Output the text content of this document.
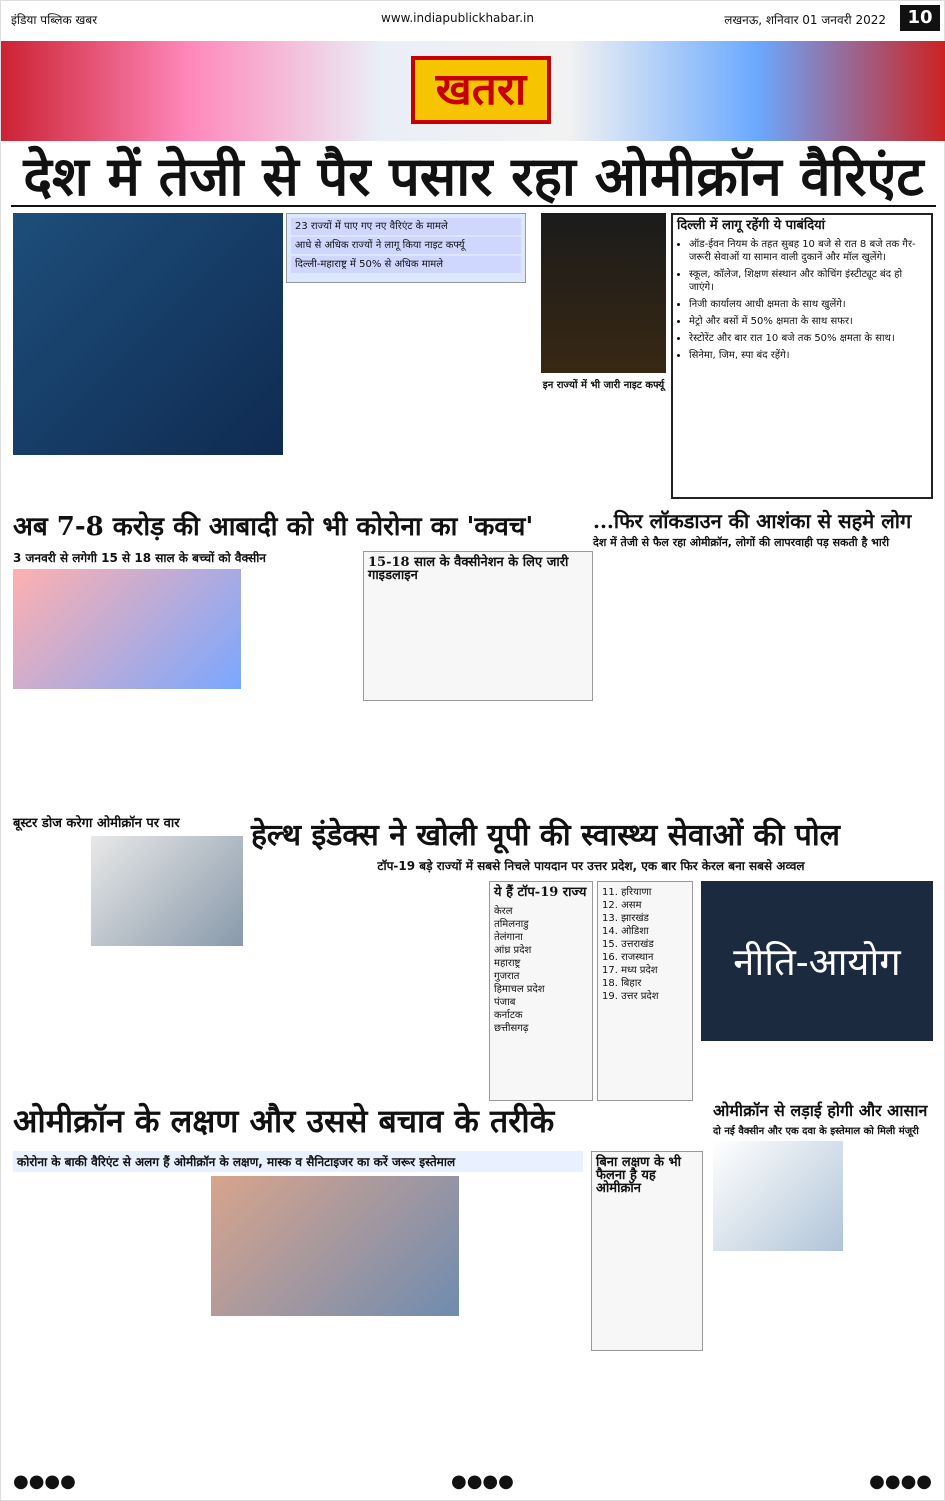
इंडिया पब्लिक खबर	www.indiapublickhabar.in	लखनऊ, शनिवार 01 जनवरी 2022	10
खतरा
देश में तेजी से पैर पसार रहा ओमीक्रॉन वैरिएंट
23 राज्यों में पाए गए नए वैरिएंट के मामले
आधे से अधिक राज्यों ने लागू किया नाइट कर्फ्यू
दिल्ली-महाराष्ट्र में 50% से अधिक मामले
इन राज्यों में भी जारी नाइट कर्फ्यू
दिल्ली में लागू रहेंगी ये पाबंदियां
• ऑड-ईवन नियम के तहत सुबह 10 बजे से रात 8 बजे तक गैर-जरूरी सेवाओं या सामान वाली दुकानें और मॉल खुलेंगे।
• स्कूल, कॉलेज, शिक्षण संस्थान और कोचिंग इंस्टीट्यूट बंद हो जाएंगे।
• निजी कार्यालय आधी क्षमता के साथ खुलेंगे।
• मेट्रो और बसों में 50% क्षमता के साथ सफर।
• रेस्टोरेंट और बार रात 10 बजे तक 50% क्षमता के साथ।
• सिनेमा, जिम, स्पा बंद रहेंगे।
अब 7-8 करोड़ की आबादी को भी कोरोना का 'कवच'
3 जनवरी से लगेगी 15 से 18 साल के बच्चों को वैक्सीन	15-18 साल के वैक्सीनेशन के लिए जारी गाइडलाइन
...फिर लॉकडाउन की आशंका से सहमे लोग
देश में तेजी से फैल रहा ओमीक्रॉन, लोगों की लापरवाही पड़ सकती है भारी
बूस्टर डोज करेगा ओमीक्रॉन पर वार	हेल्थ इंडेक्स ने खोली यूपी की स्वास्थ्य सेवाओं की पोल
टॉप-19 बड़े राज्यों में सबसे निचले पायदान पर उत्तर प्रदेश, एक बार फिर केरल बना सबसे अव्वल
ये हैं टॉप-19 राज्य
केरल
तमिलनाडु
तेलंगाना
आंध्र प्रदेश
महाराष्ट्र
गुजरात
हिमाचल प्रदेश
पंजाब
कर्नाटक
छत्तीसगढ़
11. हरियाणा
12. असम
13. झारखंड
14. ओडिशा
15. उत्तराखंड
16. राजस्थान
17. मध्य प्रदेश
18. बिहार
19. उत्तर प्रदेश
नीति-आयोग
ओमीक्रॉन के लक्षण और उससे बचाव के तरीके
कोरोना के बाकी वैरिएंट से अलग हैं ओमीक्रॉन के लक्षण, मास्क व सैनिटाइजर का करें जरूर इस्तेमाल	बिना लक्षण के भी फैलना है यह ओमीक्रॉन
ओमीक्रॉन से लड़ाई होगी और आसान
दो नई वैक्सीन और एक दवा के इस्तेमाल को मिली मंजूरी
●●●●	●●●●	●●●●
